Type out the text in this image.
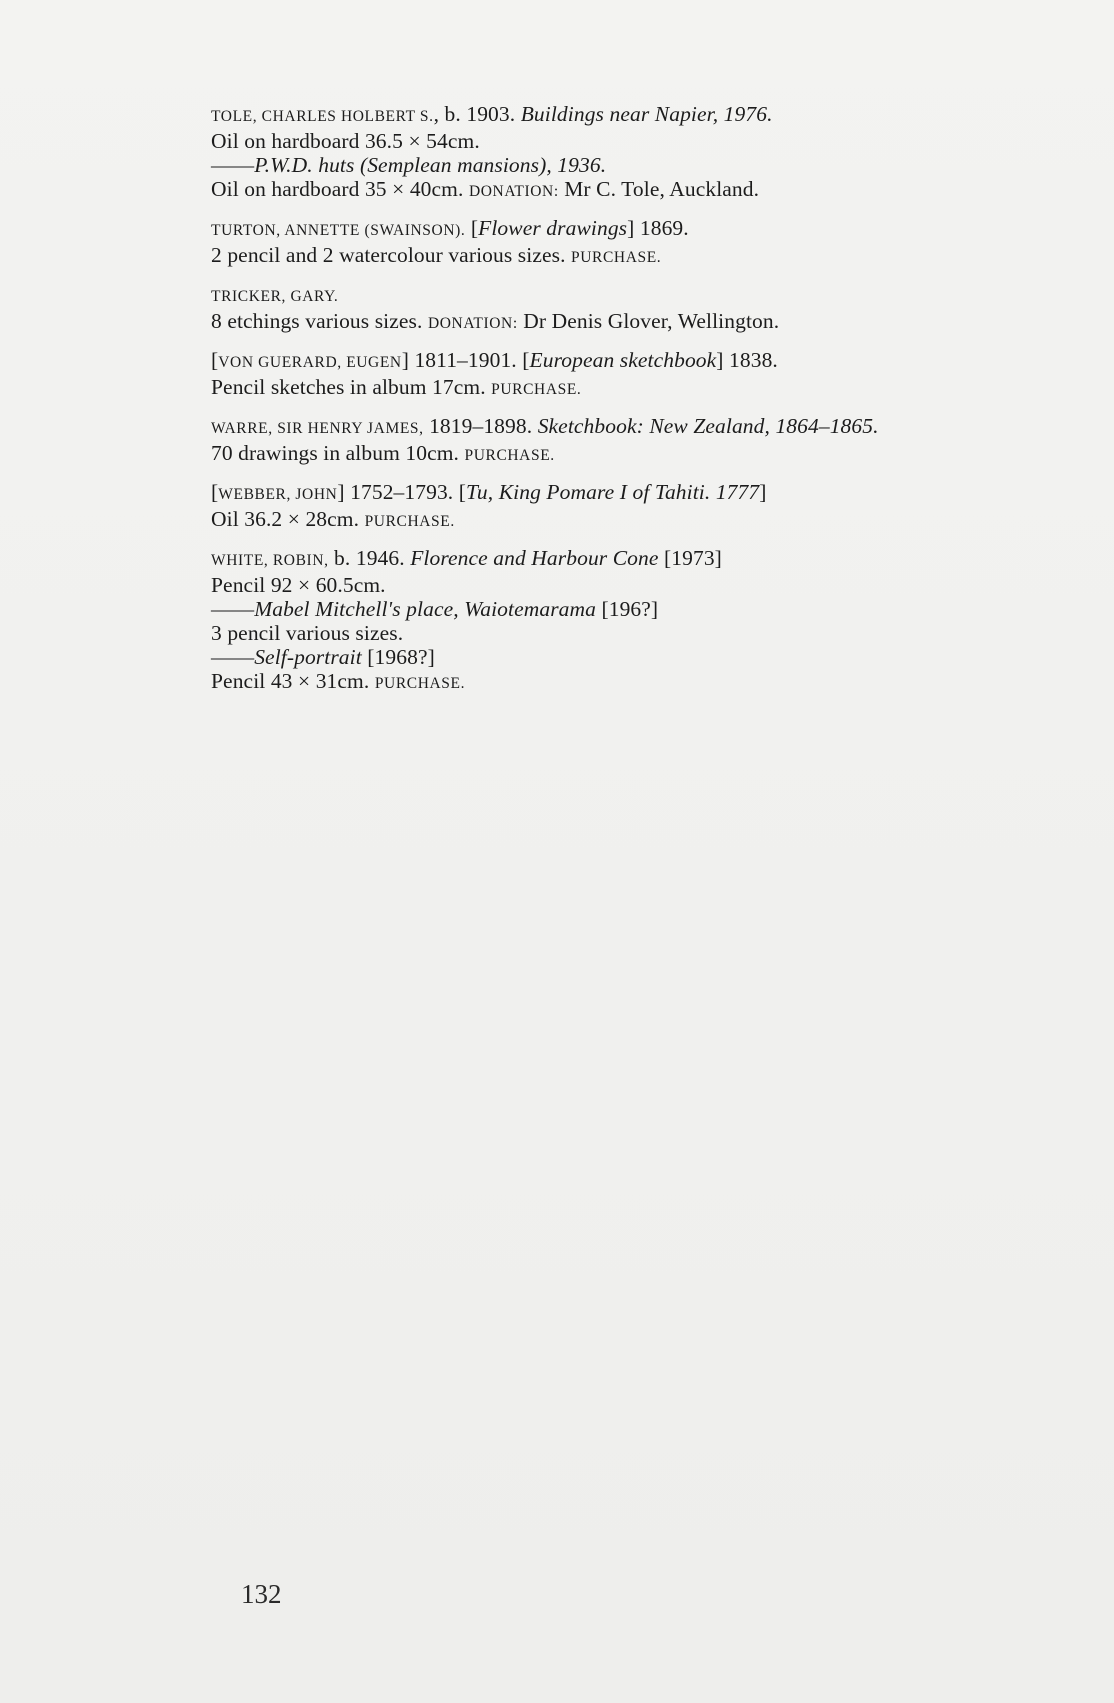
TOLE, CHARLES HOLBERT S., b. 1903. Buildings near Napier, 1976.
Oil on hardboard 36.5 × 54cm.
——P.W.D. huts (Semplean mansions), 1936.
Oil on hardboard 35 × 40cm. DONATION: Mr C. Tole, Auckland.
TURTON, ANNETTE (SWAINSON). [Flower drawings] 1869.
2 pencil and 2 watercolour various sizes. PURCHASE.
TRICKER, GARY.
8 etchings various sizes. DONATION: Dr Denis Glover, Wellington.
[VON GUERARD, EUGEN] 1811–1901. [European sketchbook] 1838.
Pencil sketches in album 17cm. PURCHASE.
WARRE, SIR HENRY JAMES, 1819–1898. Sketchbook: New Zealand, 1864–1865.
70 drawings in album 10cm. PURCHASE.
[WEBBER, JOHN] 1752–1793. [Tu, King Pomare I of Tahiti. 1777]
Oil 36.2 × 28cm. PURCHASE.
WHITE, ROBIN, b. 1946. Florence and Harbour Cone [1973]
Pencil 92 × 60.5cm.
——Mabel Mitchell's place, Waiotemarama [196?]
3 pencil various sizes.
——Self-portrait [1968?]
Pencil 43 × 31cm. PURCHASE.
132
